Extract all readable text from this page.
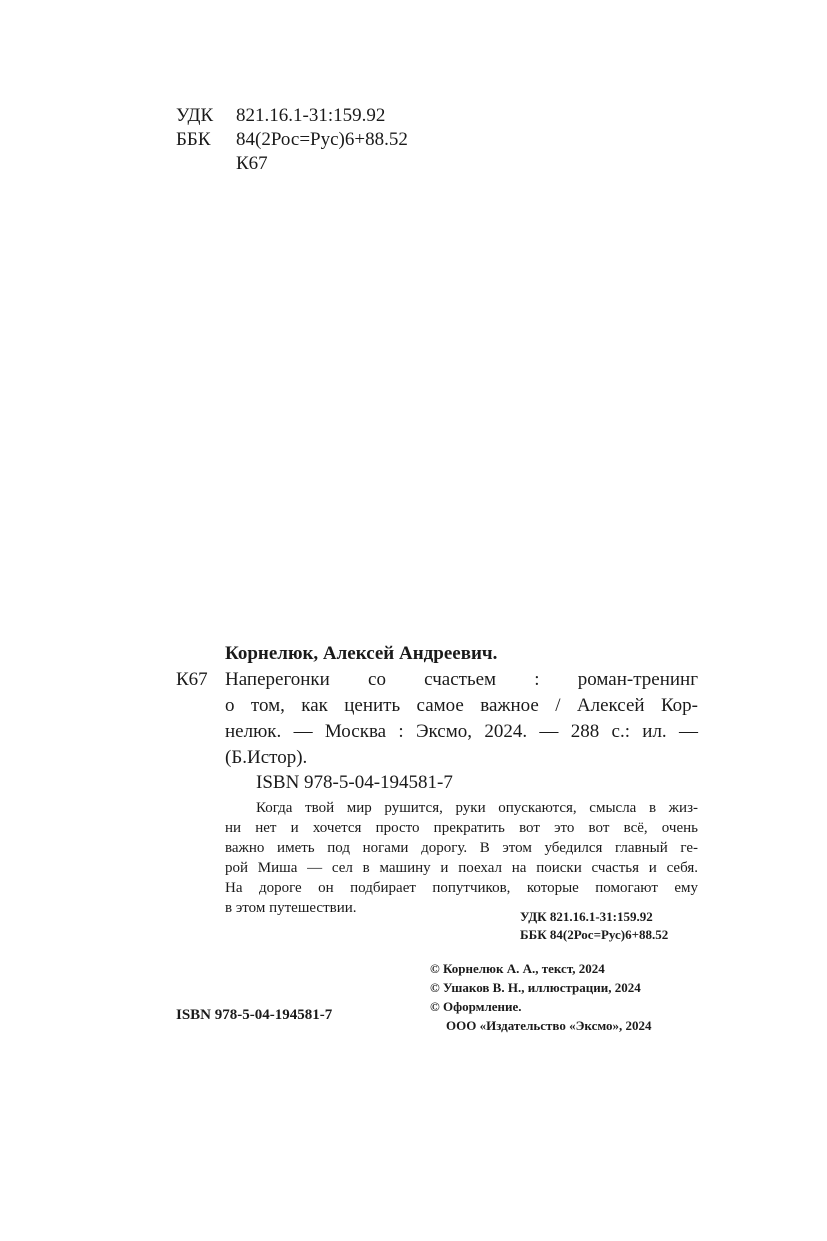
УДК 821.16.1-31:159.92
ББК 84(2Рос=Рус)6+88.52
К67
Корнелюк, Алексей Андреевич.
К67 Наперегонки со счастьем : роман-тренинг
о том, как ценить самое важное / Алексей Кор-
нелюк. — Москва : Эксмо, 2024. — 288 с.: ил. —
(Б.Истор).
ISBN 978-5-04-194581-7
Когда твой мир рушится, руки опускаются, смысла в жиз-
ни нет и хочется просто прекратить вот это вот всё, очень
важно иметь под ногами дорогу. В этом убедился главный ге-
рой Миша — сел в машину и поехал на поиски счастья и себя.
На дороге он подбирает попутчиков, которые помогают ему
в этом путешествии.
УДК 821.16.1-31:159.92
ББК 84(2Рос=Рус)6+88.52
© Корнелюк А. А., текст, 2024
© Ушаков В. Н., иллюстрации, 2024
© Оформление.
ООО «Издательство «Эксмо», 2024
ISBN 978-5-04-194581-7
